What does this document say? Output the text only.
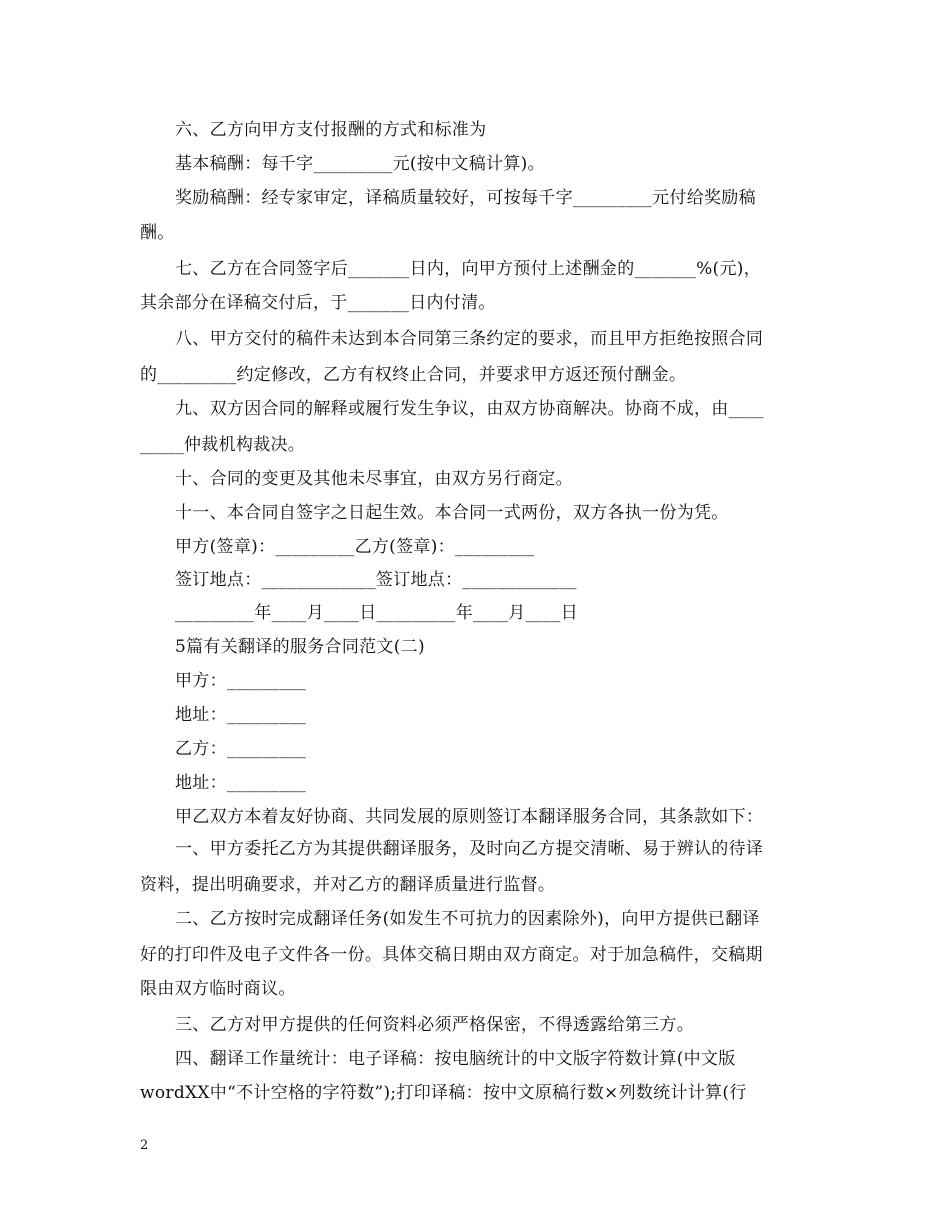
六、乙方向甲方支付报酬的方式和标准为
基本稿酬：每千字_________元(按中文稿计算)。
奖励稿酬：经专家审定，译稿质量较好，可按每千字_________元付给奖励稿
酬。
七、乙方在合同签字后_______日内，向甲方预付上述酬金的_______%(元)，
其余部分在译稿交付后，于_______日内付清。
八、甲方交付的稿件未达到本合同第三条约定的要求，而且甲方拒绝按照合同
的_________约定修改，乙方有权终止合同，并要求甲方返还预付酬金。
九、双方因合同的解释或履行发生争议，由双方协商解决。协商不成，由____
_____仲裁机构裁决。
十、合同的变更及其他未尽事宜，由双方另行商定。
十一、本合同自签字之日起生效。本合同一式两份，双方各执一份为凭。
甲方(签章)：_________乙方(签章)：_________
签订地点：_____________签订地点：_____________
_________年____月____日_________年____月____日
5篇有关翻译的服务合同范文(二)
甲方：_________
地址：_________
乙方：_________
地址：_________
甲乙双方本着友好协商、共同发展的原则签订本翻译服务合同，其条款如下：
一、甲方委托乙方为其提供翻译服务，及时向乙方提交清晰、易于辨认的待译
资料，提出明确要求，并对乙方的翻译质量进行监督。
二、乙方按时完成翻译任务(如发生不可抗力的因素除外)，向甲方提供已翻译
好的打印件及电子文件各一份。具体交稿日期由双方商定。对于加急稿件，交稿期
限由双方临时商议。
三、乙方对甲方提供的任何资料必须严格保密，不得透露给第三方。
四、翻译工作量统计：电子译稿：按电脑统计的中文版字符数计算(中文版
wordXX中“不计空格的字符数”);打印译稿：按中文原稿行数×列数统计计算(行
2
